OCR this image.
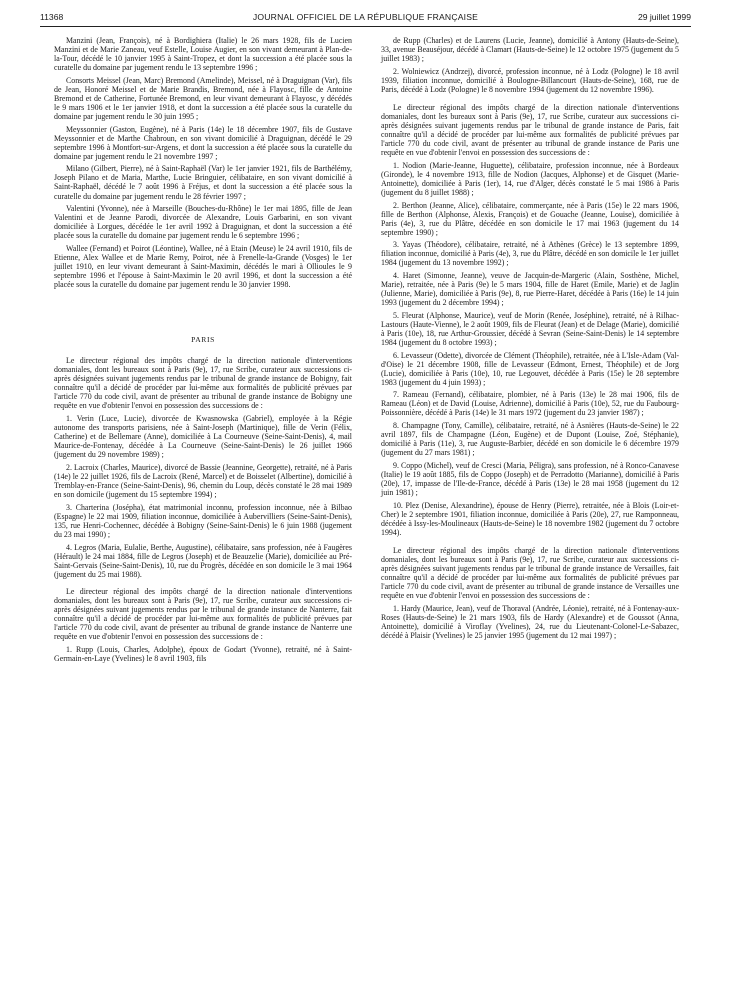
11368	JOURNAL OFFICIEL DE LA RÉPUBLIQUE FRANÇAISE	29 juillet 1999

Manzini (Jean, François), né à Bordighiera (Italie) le 26 mars 1928, fils de Lucien Manzini et de Marie Zaneau, veuf Estelle, Louise Augier, en son vivant demeurant à Plan-de-la-Tour, décédé le 10 janvier 1995 à Saint-Tropez, et dont la succession a été placée sous la curatelle du domaine par jugement rendu le 13 septembre 1996 ;

Consorts Meissel (Jean, Marc) Bremond (Amelinde), Meissel, né à Draguignan (Var), fils de Jean, Honoré Meissel et de Marie Brandis, Bremond, née à Flayosc, fille de Antoine Bremond et de Catherine, Fortunée Bremond, en leur vivant demeurant à Flayosc, y décédés le 9 mars 1906 et le 1er janvier 1918, et dont la succession a été placée sous la curatelle du domaine par jugement rendu le 30 juin 1995 ;

Meyssonnier (Gaston, Eugène), né à Paris (14e) le 18 décembre 1907, fils de Gustave Meyssonnier et de Marthe Chabroun, en son vivant domicilié à Draguignan, décédé le 29 septembre 1996 à Montfort-sur-Argens, et dont la succession a été placée sous la curatelle du domaine par jugement rendu le 21 novembre 1997 ;

Milano (Gilbert, Pierre), né à Saint-Raphaël (Var) le 1er janvier 1921, fils de Barthélémy, Joseph Pilano et de Maria, Marthe, Lucie Bringuier, célibataire, en son vivant domicilié à Saint-Raphaël, décédé le 7 août 1996 à Fréjus, et dont la succession a été placée sous la curatelle du domaine par jugement rendu le 28 février 1997 ;

Valentini (Yvonne), née à Marseille (Bouches-du-Rhône) le 1er mai 1895, fille de Jean Valentini et de Jeanne Parodi, divorcée de Alexandre, Louis Garbarini, en son vivant domiciliée à Lorgues, décédée le 1er avril 1992 à Draguignan, et dont la succession a été placée sous la curatelle du domaine par jugement rendu le 6 septembre 1996 ;

Wallee (Fernand) et Poirot (Léontine), Wallee, né à Etain (Meuse) le 24 avril 1910, fils de Etienne, Alex Wallee et de Marie Remy, Poirot, née à Frenelle-la-Grande (Vosges) le 1er juillet 1910, en leur vivant demeurant à Saint-Maximin, décédés le mari à Ollioules le 9 septembre 1996 et l'épouse à Saint-Maximin le 20 avril 1996, et dont la succession a été placée sous la curatelle du domaine par jugement rendu le 30 janvier 1998.

PARIS

Le directeur régional des impôts chargé de la direction nationale d'interventions domaniales, dont les bureaux sont à Paris (9e), 17, rue Scribe, curateur aux successions ci-après désignées suivant jugements rendus par le tribunal de grande instance de Bobigny, fait connaître qu'il a décidé de procéder par lui-même aux formalités de publicité prévues par l'article 770 du code civil, avant de présenter au tribunal de grande instance de Bobigny une requête en vue d'obtenir l'envoi en possession des successions de :

1. Verin (Luce, Lucie), divorcée de Kwasnowska (Gabriel), employée à la Régie autonome des transports parisiens, née à Saint-Joseph (Martinique), fille de Verin (Félix, Catherine) et de Bellemare (Anne), domiciliée à La Courneuve (Seine-Saint-Denis), 4, mail Maurice-de-Fontenay, décédée à La Courneuve (Seine-Saint-Denis) le 26 juillet 1966 (jugement du 29 novembre 1989) ;

2. Lacroix (Charles, Maurice), divorcé de Bassie (Jeannine, Georgette), retraité, né à Paris (14e) le 22 juillet 1926, fils de Lacroix (René, Marcel) et de Boisselet (Albertine), domicilié à Tremblay-en-France (Seine-Saint-Denis), 96, chemin du Loup, décès constaté le 28 mai 1989 en son domicile (jugement du 15 septembre 1994) ;

3. Charterina (Josépha), état matrimonial inconnu, profession inconnue, née à Bilbao (Espagne) le 22 mai 1909, filiation inconnue, domiciliée à Aubervilliers (Seine-Saint-Denis), 135, rue Henri-Cochennec, décédée à Bobigny (Seine-Saint-Denis) le 6 juin 1988 (jugement du 23 mai 1990) ;

4. Legros (Maria, Eulalie, Berthe, Augustine), célibataire, sans profession, née à Faugères (Hérault) le 24 mai 1884, fille de Legros (Joseph) et de Beauzelie (Marie), domiciliée au Pré-Saint-Gervais (Seine-Saint-Denis), 10, rue du Progrès, décédée en son domicile le 3 mai 1964 (jugement du 25 mai 1988).

Le directeur régional des impôts chargé de la direction nationale d'interventions domaniales, dont les bureaux sont à Paris (9e), 17, rue Scribe, curateur aux successions ci-après désignées suivant jugements rendus par le tribunal de grande instance de Nanterre, fait connaître qu'il a décidé de procéder par lui-même aux formalités de publicité prévues par l'article 770 du code civil, avant de présenter au tribunal de grande instance de Nanterre une requête en vue d'obtenir l'envoi en possession des successions de :

1. Rupp (Louis, Charles, Adolphe), époux de Godart (Yvonne), retraité, né à Saint-Germain-en-Laye (Yvelines) le 8 avril 1903, fils

de Rupp (Charles) et de Laurens (Lucie, Jeanne), domicilié à Antony (Hauts-de-Seine), 33, avenue Beauséjour, décédé à Clamart (Hauts-de-Seine) le 12 octobre 1975 (jugement du 5 juillet 1983) ;

2. Wolniewicz (Andrzej), divorcé, profession inconnue, né à Lodz (Pologne) le 18 avril 1939, filiation inconnue, domicilié à Boulogne-Billancourt (Hauts-de-Seine), 168, rue de Paris, décédé à Lodz (Pologne) le 8 novembre 1994 (jugement du 12 novembre 1996).

Le directeur régional des impôts chargé de la direction nationale d'interventions domaniales, dont les bureaux sont à Paris (9e), 17, rue Scribe, curateur aux successions ci-après désignées suivant jugements rendus par le tribunal de grande instance de Paris, fait connaître qu'il a décidé de procéder par lui-même aux formalités de publicité prévues par l'article 770 du code civil, avant de présenter au tribunal de grande instance de Paris une requête en vue d'obtenir l'envoi en possession des successions de :

1. Nodion (Marie-Jeanne, Huguette), célibataire, profession inconnue, née à Bordeaux (Gironde), le 4 novembre 1913, fille de Nodion (Jacques, Alphonse) et de Gisquet (Marie-Antoinette), domiciliée à Paris (1er), 14, rue d'Alger, décès constaté le 5 mai 1986 à Paris (jugement du 8 juillet 1988) ;

2. Berthon (Jeanne, Alice), célibataire, commerçante, née à Paris (15e) le 22 mars 1906, fille de Berthon (Alphonse, Alexis, François) et de Gouache (Jeanne, Louise), domiciliée à Paris (4e), 3, rue du Plâtre, décédée en son domicile le 17 mai 1963 (jugement du 14 septembre 1990) ;

3. Yayas (Théodore), célibataire, retraité, né à Athènes (Grèce) le 13 septembre 1899, filiation inconnue, domicilié à Paris (4e), 3, rue du Plâtre, décédé en son domicile le 1er juillet 1984 (jugement du 13 novembre 1992) ;

4. Haret (Simonne, Jeanne), veuve de Jacquin-de-Margeric (Alain, Sosthène, Michel, Marie), retraitée, née à Paris (9e) le 5 mars 1904, fille de Haret (Emile, Marie) et de Jaglin (Julienne, Marie), domiciliée à Paris (9e), 8, rue Pierre-Haret, décédée à Paris (16e) le 14 juin 1993 (jugement du 2 décembre 1994) ;

5. Fleurat (Alphonse, Maurice), veuf de Morin (Renée, Joséphine), retraité, né à Rilhac-Lastours (Haute-Vienne), le 2 août 1909, fils de Fleurat (Jean) et de Delage (Marie), domicilié à Paris (10e), 18, rue Arthur-Groussier, décédé à Sevran (Seine-Saint-Denis) le 14 septembre 1984 (jugement du 8 octobre 1993) ;

6. Levasseur (Odette), divorcée de Clément (Théophile), retraitée, née à L'Isle-Adam (Val-d'Oise) le 21 décembre 1908, fille de Levasseur (Edmont, Ernest, Théophile) et de Jorg (Lucie), domiciliée à Paris (10e), 10, rue Legouvet, décédée à Paris (15e) le 28 septembre 1983 (jugement du 4 juin 1993) ;

7. Rameau (Fernand), célibataire, plombier, né à Paris (13e) le 28 mai 1906, fils de Rameau (Léon) et de David (Louise, Adrienne), domicilié à Paris (10e), 52, rue du Faubourg-Poissonnière, décédé à Paris (14e) le 31 mars 1972 (jugement du 23 janvier 1987) ;

8. Champagne (Tony, Camille), célibataire, retraité, né à Asnières (Hauts-de-Seine) le 22 avril 1897, fils de Champagne (Léon, Eugène) et de Dupont (Louise, Zoé, Stéphanie), domicilié à Paris (11e), 3, rue Auguste-Barbier, décédé en son domicile le 6 décembre 1979 (jugement du 27 mars 1981) ;

9. Coppo (Michel), veuf de Cresci (Maria, Péligra), sans profession, né à Ronco-Canavese (Italie) le 19 août 1885, fils de Coppo (Joseph) et de Perradotto (Marianne), domicilié à Paris (20e), 17, impasse de l'Ile-de-France, décédé à Paris (13e) le 28 mai 1958 (jugement du 12 juin 1981) ;

10. Plez (Denise, Alexandrine), épouse de Henry (Pierre), retraitée, née à Blois (Loir-et-Cher) le 2 septembre 1901, filiation inconnue, domiciliée à Paris (20e), 27, rue Ramponneau, décédée à Issy-les-Moulineaux (Hauts-de-Seine) le 18 novembre 1982 (jugement du 7 octobre 1994).

Le directeur régional des impôts chargé de la direction nationale d'interventions domaniales, dont les bureaux sont à Paris (9e), 17, rue Scribe, curateur aux successions ci-après désignées suivant jugements rendus par le tribunal de grande instance de Versailles, fait connaître qu'il a décidé de procéder par lui-même aux formalités de publicité prévues par l'article 770 du code civil, avant de présenter au tribunal de grande instance de Versailles une requête en vue d'obtenir l'envoi en possession des successions de :

1. Hardy (Maurice, Jean), veuf de Thoraval (Andrée, Léonie), retraité, né à Fontenay-aux-Roses (Hauts-de-Seine) le 21 mars 1903, fils de Hardy (Alexandre) et de Goussot (Anna, Antoinette), domicilié à Viroflay (Yvelines), 24, rue du Lieutenant-Colonel-Le-Sabazec, décédé à Plaisir (Yvelines) le 25 janvier 1995 (jugement du 12 mai 1997) ;
